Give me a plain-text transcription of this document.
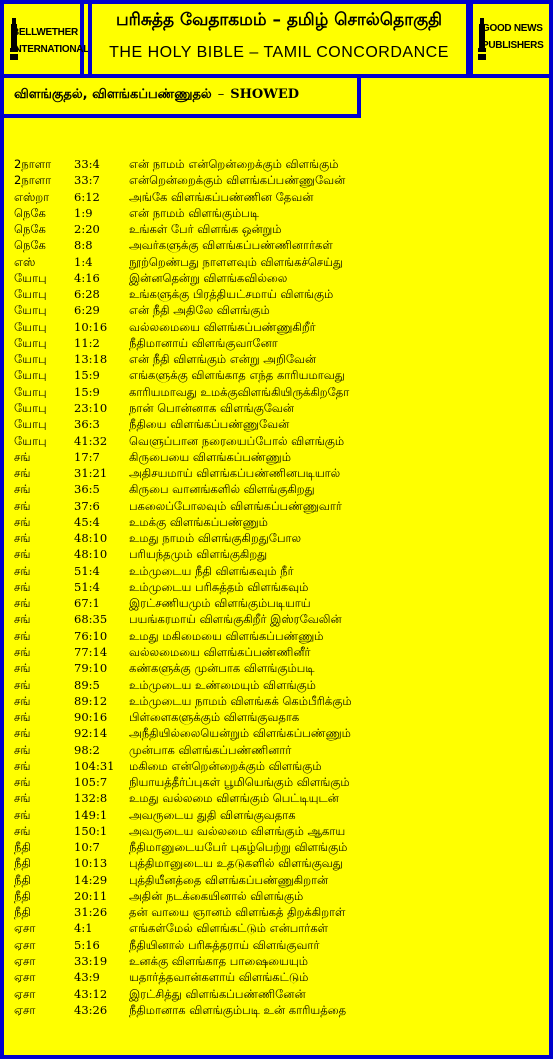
BELLWETHER
INTERNATIONAL
பரிசுத்த வேதாகமம் – தமிழ் சொல்தொகுதி
THE HOLY BIBLE – TAMIL CONCORDANCE
GOOD NEWS
PUBLISHERS
விளங்குதல், விளங்கப்பண்ணுதல் – SHOWED
2நாளா 33:4	என் நாமம் என்றென்றைக்கும் விளங்கும்
2நாளா 33:7	என்றென்றைக்கும் விளங்கப்பண்ணுவேன்
எஸ்றா 6:12	அங்கே விளங்கப்பண்ணின தேவன்
நெகே 1:9	என் நாமம் விளங்கும்படி
நெகே 2:20	உங்கள் பேர் விளங்க ஒன்றும்
நெகே 8:8	அவர்களுக்கு விளங்கப்பண்ணினார்கள்
எஸ்	1:4	நூற்றெண்பது நாளளவும் விளங்கச்செய்து
யோபு 4:16	இன்னதென்று விளங்கவில்லை
யோபு 6:28	உங்களுக்கு பிரத்தியட்சமாய் விளங்கும்
யோபு 6:29	என் நீதி அதிலே விளங்கும்
யோபு 10:16 வல்லமையை விளங்கப்பண்ணுகிறீர்
யோபு 11:2	நீதிமானாய் விளங்குவானோ
யோபு 13:18 என் நீதி விளங்கும் என்று அறிவேன்
யோபு 15:9	எங்களுக்கு விளங்காத எந்த காரியமாவது
யோபு 15:9	காரியமாவது உமக்குவிளங்கியிருக்கிறதோ
யோபு 23:10 நான் பொன்னாக விளங்குவேன்
யோபு 36:3	நீதியை விளங்கப்பண்ணுவேன்
யோபு 41:32 வெளுப்பான நரையைப்போல் விளங்கும்
சங்	17:7	கிருபையை விளங்கப்பண்ணும்
சங்	31:21 அதிசயமாய் விளங்கப்பண்ணினபடியால்
சங்	36:5	கிருபை வானங்களில் விளங்குகிறது
சங்	37:6	பகலைப்போலவும் விளங்கப்பண்ணுவார்
சங்	45:4	உமக்கு விளங்கப்பண்ணும்
சங்	48:10 உமது நாமம் விளங்குகிறதுபோல
சங்	48:10 பரியந்தமும் விளங்குகிறது
சங்	51:4	உம்முடைய நீதி விளங்கவும் நீர்
சங்	51:4	உம்முடைய பரிசுத்தம் விளங்கவும்
சங்	67:1	இரட்சணியமும் விளங்கும்படியாய்
சங்	68:35 பயங்கரமாய் விளங்குகிறீர் இஸ்ரவேலின்
சங்	76:10 உமது மகிமையை விளங்கப்பண்ணும்
சங்	77:14 வல்லமையை விளங்கப்பண்ணினீர்
சங்	79:10 கண்களுக்கு முன்பாக விளங்கும்படி
சங்	89:5	உம்முடைய உண்மையும் விளங்கும்
சங்	89:12 உம்முடைய நாமம் விளங்கக் கெம்பீரிக்கும்
சங்	90:16 பிள்ளைகளுக்கும் விளங்குவதாக
சங்	92:14 அநீதியில்லையென்றும் விளங்கப்பண்ணும்
சங்	98:2	முன்பாக விளங்கப்பண்ணினார்
சங்	104:31 மகிமை என்றென்றைக்கும் விளங்கும்
சங்	105:7 நியாயத்தீர்ப்புகள் பூமியெங்கும் விளங்கும்
சங்	132:8 உமது வல்லமை விளங்கும் பெட்டியுடன்
சங்	149:1 அவருடைய துதி விளங்குவதாக
சங்	150:1 அவருடைய வல்லமை விளங்கும் ஆகாய
நீதி	10:7	நீதிமானுடையபேர் புகழ்பெற்று விளங்கும்
நீதி	10:13 புத்திமானுடைய உதடுகளில் விளங்குவது
நீதி	14:29 புத்தியீனத்தை விளங்கப்பண்ணுகிறான்
நீதி	20:11 அதின் நடக்கையினால் விளங்கும்
நீதி	31:26 தன் வாயை ஞானம் விளங்கத் திறக்கிறாள்
ஏசா	4:1	எங்கள்மேல் விளங்கட்டும் என்பார்கள்
ஏசா	5:16	நீதியினால் பரிசுத்தராய் விளங்குவார்
ஏசா	33:19 உனக்கு விளங்காத பாஷையையும்
ஏசா	43:9	யதார்த்தவான்களாய் விளங்கட்டும்
ஏசா	43:12 இரட்சித்து விளங்கப்பண்ணினேன்
ஏசா	43:26 நீதிமானாக விளங்கும்படி உன் காரியத்தை
